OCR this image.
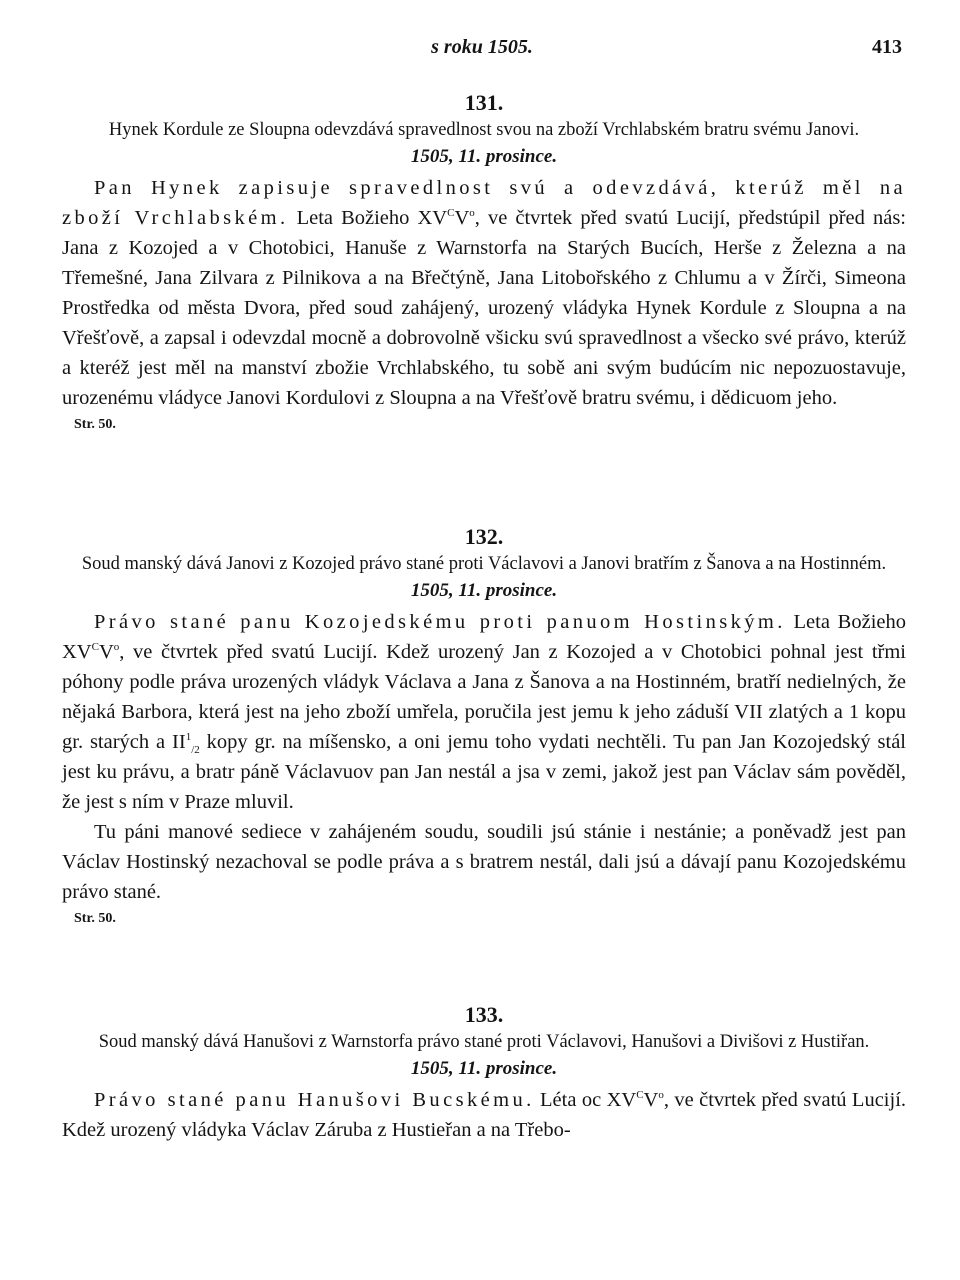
s roku 1505.	413

131.

Hynek Kordule ze Sloupna odevzdává spravedlnost svou na zboží Vrchlabském bratru svému Janovi.

1505, 11. prosince.

Pan Hynek zapisuje spravedlnost svú a odevzdává, kterúž měl na zboží Vrchlabském. Leta Božieho $XV^CV^o$, ve čtvrtek před svatú Lucijí, předstúpil před nás: Jana z Kozojed a v Chotobici, Hanuše z Warnstorfa na Starých Bucích, Herše z Železna a na Třemešné, Jana Zilvara z Pilnikova a na Břečtýně, Jana Litobořského z Chlumu a v Žírči, Simeona Prostředka od města Dvora, před soud zahájený, urozený vládyka Hynek Kordule z Sloupna a na Vřešťově, a zapsal i odevzdal mocně a dobrovolně všicku svú spravedlnost a všecko své právo, kterúž a kteréž jest měl na manství zbožie Vrchlabského, tu sobě ani svým budúcím nic nepozuostavuje, urozenému vládyce Janovi Kordulovi z Sloupna a na Vřešťově bratru svému, i dědicuom jeho.

Str. 50.

132.

Soud manský dává Janovi z Kozojed právo stané proti Václavovi a Janovi bratřím z Šanova a na Hostinném.

1505, 11. prosince.

Právo stané panu Kozojedskému proti panuom Hostinským. Leta Božieho $XV^CV^o$, ve čtvrtek před svatú Lucijí. Kdež urozený Jan z Kozojed a v Chotobici pohnal jest třmi póhony podle práva urozených vládyk Václava a Jana z Šanova a na Hostinném, bratří nedielných, že nějaká Barbora, která jest na jeho zboží umřela, poručila jest jemu k jeho záduší VII zlatých a 1 kopu gr. starých a $II^1_{/2}$ kopy gr. na míšensko, a oni jemu toho vydati nechtěli. Tu pan Jan Kozojedský stál jest ku právu, a bratr páně Václavuov pan Jan nestál a jsa v zemi, jakož jest pan Václav sám pověděl, že jest s ním v Praze mluvil.

Tu páni manové sediece v zahájeném soudu, soudili jsú stánie i nestánie; a poněvadž jest pan Václav Hostinský nezachoval se podle práva a s bratrem nestál, dali jsú a dávají panu Kozojedskému právo stané.

Str. 50.

133.

Soud manský dává Hanušovi z Warnstorfa právo stané proti Václavovi, Hanušovi a Divišovi z Hustiřan.

1505, 11. prosince.

Právo stané panu Hanušovi Bucskému. Léta oc $XV^CV^o$, ve čtvrtek před svatú Lucijí. Kdež urozený vládyka Václav Záruba z Hustieřan a na Třebo-
